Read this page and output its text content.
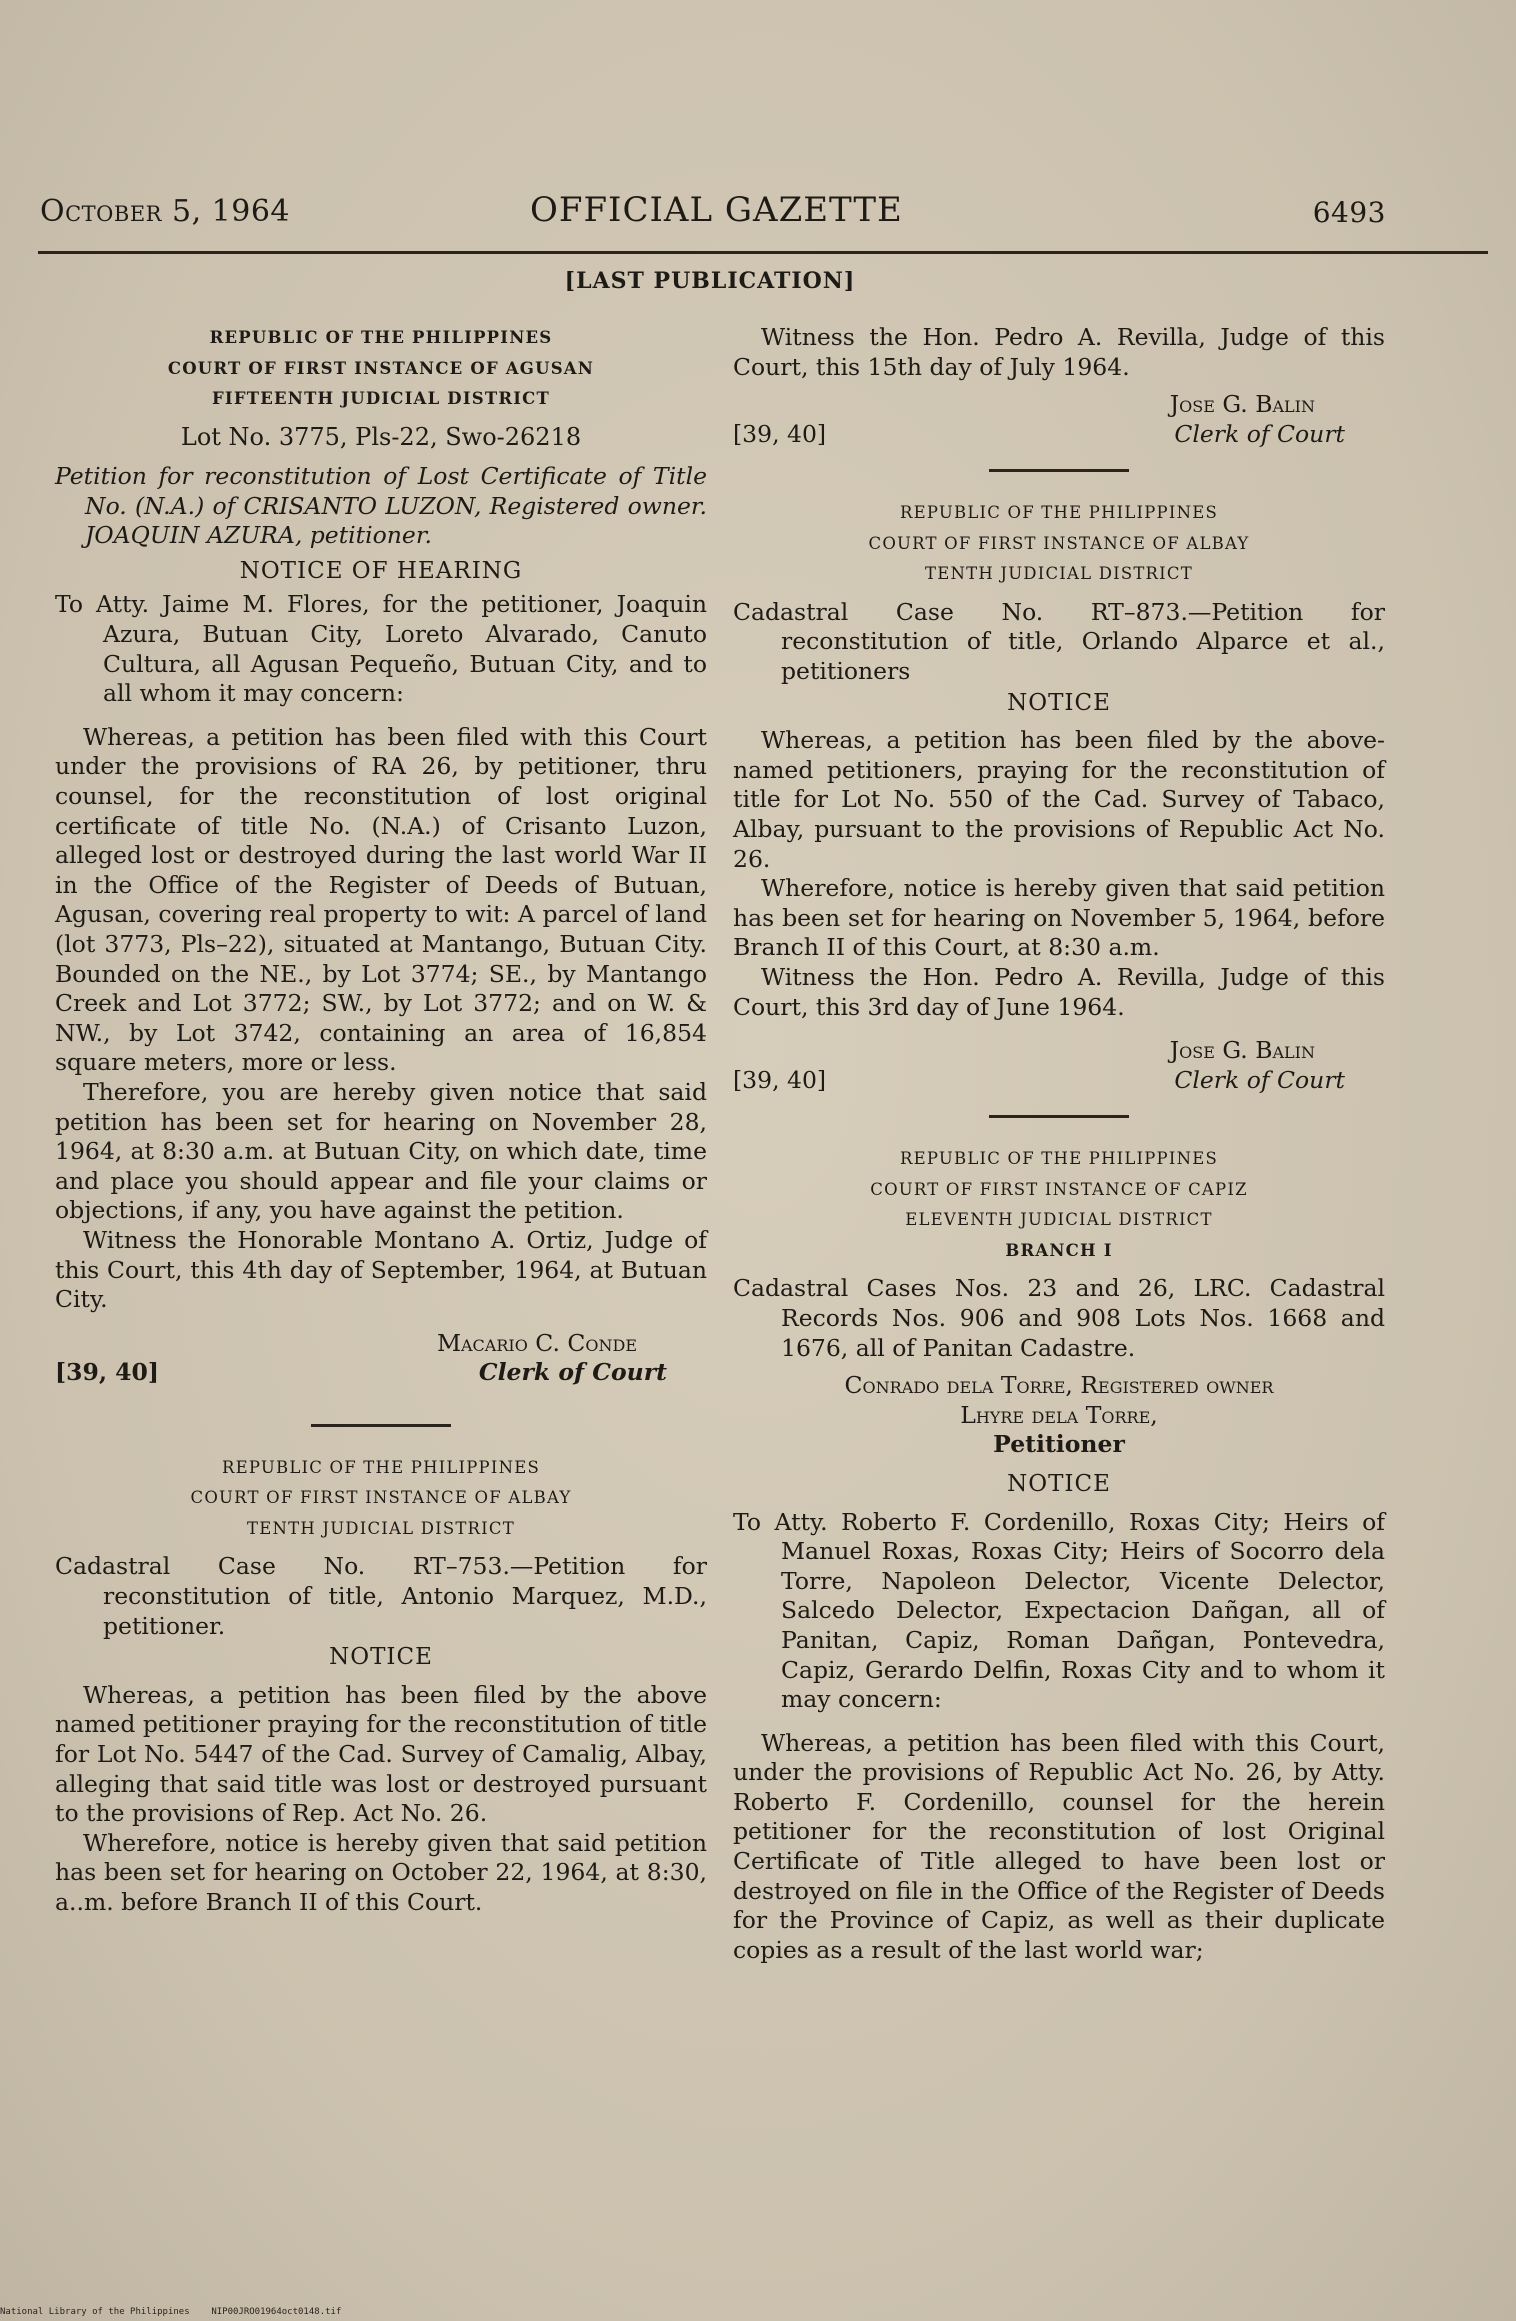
October 5, 1964	OFFICIAL GAZETTE	6493
[LAST PUBLICATION]
REPUBLIC OF THE PHILIPPINES
COURT OF FIRST INSTANCE OF AGUSAN
FIFTEENTH JUDICIAL DISTRICT
Lot No. 3775, Pls-22, Swo-26218

Petition for reconstitution of Lost Certificate of Title No. (N.A.) of CRISANTO LUZON, Registered owner. JOAQUIN AZURA, petitioner.

NOTICE OF HEARING

To Atty. Jaime M. Flores, for the petitioner, Joaquin Azura, Butuan City, Loreto Alvarado, Canuto Cultura, all Agusan Pequeño, Butuan City, and to all whom it may concern:

Whereas, a petition has been filed with this Court under the provisions of RA 26, by petitioner, thru counsel, for the reconstitution of lost original certificate of title No. (N.A.) of Crisanto Luzon, alleged lost or destroyed during the last world War II in the Office of the Register of Deeds of Butuan, Agusan, covering real property to wit: A parcel of land (lot 3773, Pls–22), situated at Mantango, Butuan City. Bounded on the NE., by Lot 3774; SE., by Mantango Creek and Lot 3772; SW., by Lot 3772; and on W. & NW., by Lot 3742, containing an area of 16,854 square meters, more or less.

Therefore, you are hereby given notice that said petition has been set for hearing on November 28, 1964, at 8:30 a.m. at Butuan City, on which date, time and place you should appear and file your claims or objections, if any, you have against the petition.

Witness the Honorable Montano A. Ortiz, Judge of this Court, this 4th day of September, 1964, at Butuan City.

Macario C. Conde
[39, 40]	Clerk of Court
REPUBLIC OF THE PHILIPPINES
COURT OF FIRST INSTANCE OF ALBAY
TENTH JUDICIAL DISTRICT

Cadastral Case No. RT–753.—Petition for reconstitution of title, Antonio Marquez, M.D., petitioner.

NOTICE

Whereas, a petition has been filed by the above named petitioner praying for the reconstitution of title for Lot No. 5447 of the Cad. Survey of Camalig, Albay, alleging that said title was lost or destroyed pursuant to the provisions of Rep. Act No. 26.

Wherefore, notice is hereby given that said petition has been set for hearing on October 22, 1964, at 8:30, a..m. before Branch II of this Court.

Witness the Hon. Pedro A. Revilla, Judge of this Court, this 15th day of July 1964.

Jose G. Balin
[39, 40]	Clerk of Court
REPUBLIC OF THE PHILIPPINES
COURT OF FIRST INSTANCE OF ALBAY
TENTH JUDICIAL DISTRICT

Cadastral Case No. RT–873.—Petition for reconstitution of title, Orlando Alparce et al., petitioners

NOTICE

Whereas, a petition has been filed by the above-named petitioners, praying for the reconstitution of title for Lot No. 550 of the Cad. Survey of Tabaco, Albay, pursuant to the provisions of Republic Act No. 26.

Wherefore, notice is hereby given that said petition has been set for hearing on November 5, 1964, before Branch II of this Court, at 8:30 a.m.

Witness the Hon. Pedro A. Revilla, Judge of this Court, this 3rd day of June 1964.

Jose G. Balin
[39, 40]	Clerk of Court
REPUBLIC OF THE PHILIPPINES
COURT OF FIRST INSTANCE OF CAPIZ
ELEVENTH JUDICIAL DISTRICT
BRANCH I

Cadastral Cases Nos. 23 and 26, LRC. Cadastral Records Nos. 906 and 908 Lots Nos. 1668 and 1676, all of Panitan Cadastre.

Conrado dela Torre, Registered owner
Lhyre dela Torre,
Petitioner
NOTICE

To Atty. Roberto F. Cordenillo, Roxas City; Heirs of Manuel Roxas, Roxas City; Heirs of Socorro dela Torre, Napoleon Delector, Vicente Delector, Salcedo Delector, Expectacion Dañgan, all of Panitan, Capiz, Roman Dañgan, Pontevedra, Capiz, Gerardo Delfin, Roxas City and to whom it may concern:

Whereas, a petition has been filed with this Court, under the provisions of Republic Act No. 26, by Atty. Roberto F. Cordenillo, counsel for the herein petitioner for the reconstitution of lost Original Certificate of Title alleged to have been lost or destroyed on file in the Office of the Register of Deeds for the Province of Capiz, as well as their duplicate copies as a result of the last world war;

National Library of the Philippines    NIP00JRO01964oct0148.tif
